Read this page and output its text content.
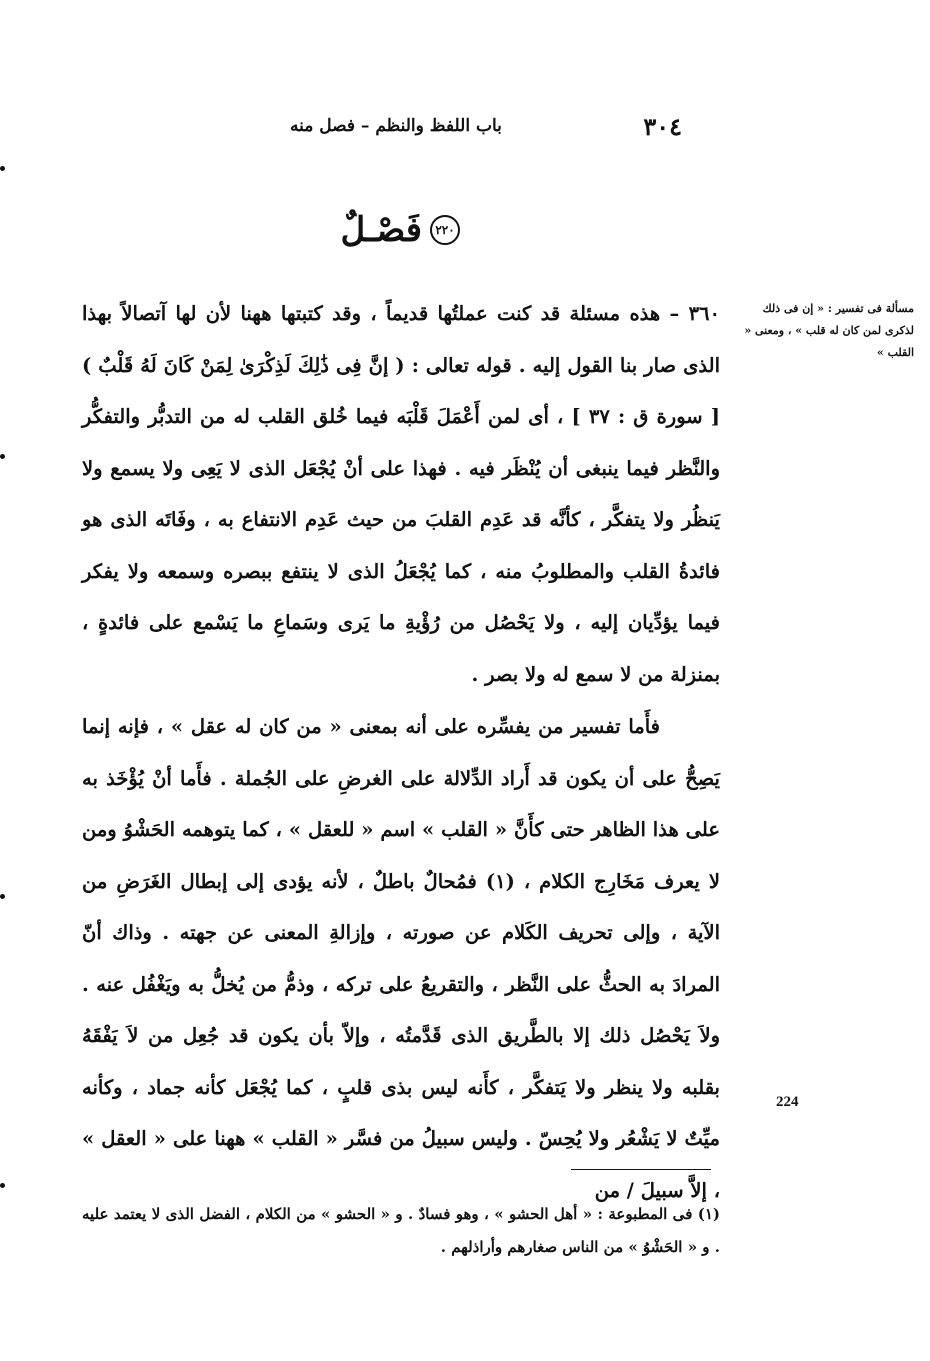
٣٠٤
باب اللفظ والنظم – فصل منه
٢٢٠
فَصْـلٌ
مسألة فى تفسير : « إن فى ذلك لذكرى لمن كان له قلب » ، ومعنى « القلب »
224

٣٦٠ – هذه مسئلة قد كنت عملتُها قديماً ، وقد كتبتها ههنا لأن لها آتصالاً بهذا الذى صار بنا القول إليه . قوله تعالى : ( إنَّ فِى ذَٰلِكَ لَذِكْرَىٰ لِمَنْ كَانَ لَهُ قَلْبٌ ) [ سورة ق : ٣٧ ] ، أى لمن أَعْمَلَ قَلْبَه فيما خُلق القلب له من التدبُّر والتفكُّر والنَّظر فيما ينبغى أن يُنْظَر فيه . فهذا على أنْ يُجْعَل الذى لا يَعِى ولا يسمع ولا يَنظُر ولا يتفكَّر ، كأنَّه قد عَدِم القلبَ من حيث عَدِم الانتفاع به ، وفَاتَه الذى هو فائدةُ القلب والمطلوبُ منه ، كما يُجْعَلُ الذى لا ينتفع ببصره وسمعه ولا يفكر فيما يؤدِّيان إليه ، ولا يَحْصُل من رُؤْيةِ ما يَرى وسَماعِ ما يَسْمع على فائدةٍ ، بمنزلة من لا سمع له ولا بصر .

فأَما تفسير من يفسِّره على أنه بمعنى « من كان له عقل » ، فإنه إنما يَصِحُّ على أن يكون قد أَراد الدِّلالة على الغرضِ على الجُملة . فأَما أنْ يُؤْخَذ به على هذا الظاهر حتى كأَنَّ « القلب » اسم « للعقل » ، كما يتوهمه الحَشْوُ ومن لا يعرف مَخَارِج الكلام ، (١) فمُحالٌ باطلٌ ، لأنه يؤدى إلى إبطال الغَرَضِ من الآية ، وإلى تحريف الكَلام عن صورته ، وإزالةِ المعنى عن جهته . وذاك أنّ المرادَ به الحثُّ على النَّظر ، والتقريعُ على تركه ، وذمُّ من يُخلُّ به ويَغْفُل عنه . ولاَ يَحْصُل ذلك إلا بالطَّريق الذى قَدَّمتُه ، وإلاّ بأن يكون قد جُعِل من لاَ يَفْقَهُ بقلبه ولا ينظر ولا يَتفكَّر ، كأَنه ليس بذى قلبٍ ، كما يُجْعَل كأنه جماد ، وكأنه ميِّتٌ لا يَشْعُر ولا يُحِسّ . وليس سبيلُ من فسَّر « القلب » ههنا على « العقل » ، إلاَّ سبيلَ / من

(١) فى المطبوعة : « أهل الحشو » ، وهو فسادٌ . و « الحشو » من الكلام ، الفضل الذى لا يعتمد عليه . و « الحَشْوُ » من الناس صغارهم وأراذلهم .
